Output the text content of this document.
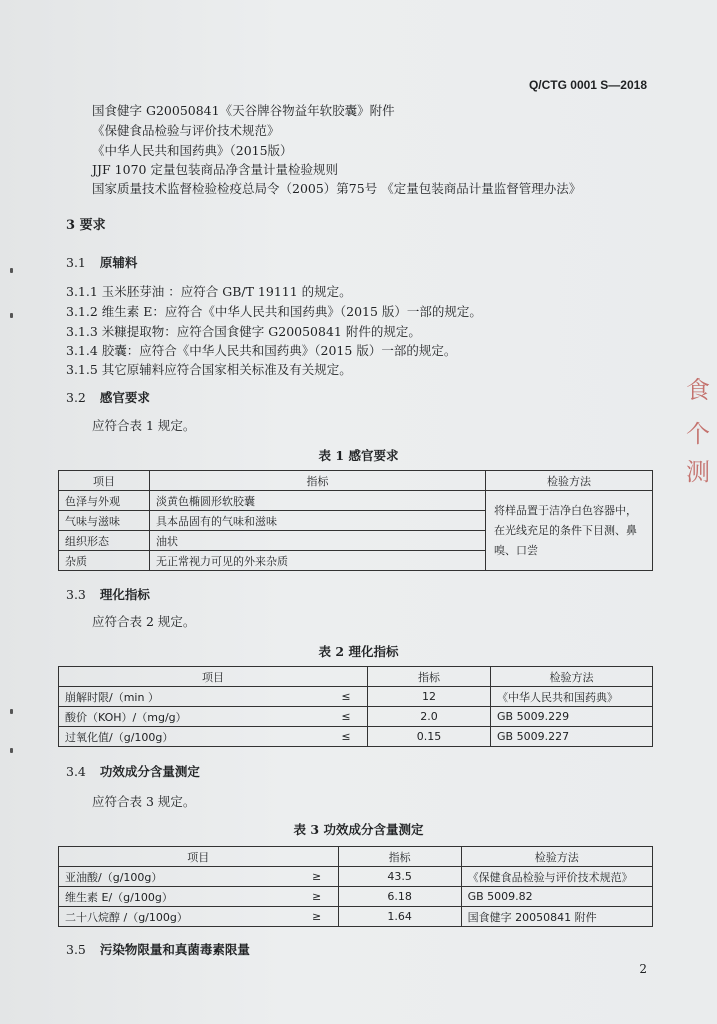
Q/CTG 0001 S—2018
国食健字 G20050841《天谷牌谷物益年软胶囊》附件
《保健食品检验与评价技术规范》
《中华人民共和国药典》（2015版）
JJF 1070 定量包装商品净含量计量检验规则
国家质量技术监督检验检疫总局令（2005）第75号 《定量包装商品计量监督管理办法》
3 要求
3.1 原辅料
3.1.1 玉米胚芽油 ：应符合 GB/T 19111 的规定。
3.1.2 维生素 E：应符合《中华人民共和国药典》（2015 版）一部的规定。
3.1.3 米糠提取物：应符合国食健字 G20050841 附件的规定。
3.1.4 胶囊：应符合《中华人民共和国药典》（2015 版）一部的规定。
3.1.5 其它原辅料应符合国家相关标准及有关规定。
3.2 感官要求
应符合表 1 规定。
表 1 感官要求
项目	指标	检验方法
色泽与外观	淡黄色椭圆形软胶囊	将样品置于洁净白色容器中，在光线充足的条件下目测、鼻嗅、口尝
气味与滋味	具本品固有的气味和滋味	
组织形态	油状	
杂质	无正常视力可见的外来杂质	
3.3 理化指标
应符合表 2 规定。
表 2 理化指标
项目		指标	检验方法
崩解时限/（min ）	≤	12	《中华人民共和国药典》
酸价（KOH）/（mg/g）	≤	2.0	GB 5009.229
过氧化值/（g/100g）	≤	0.15	GB 5009.227
3.4 功效成分含量测定
应符合表 3 规定。
表 3 功效成分含量测定
项目		指标	检验方法
亚油酸/（g/100g）	≥	43.5	《保健食品检验与评价技术规范》
维生素 E/（g/100g）	≥	6.18	GB 5009.82
二十八烷醇 /（g/100g）	≥	1.64	国食健字 20050841 附件
3.5 污染物限量和真菌毒素限量
2
食
个
测
